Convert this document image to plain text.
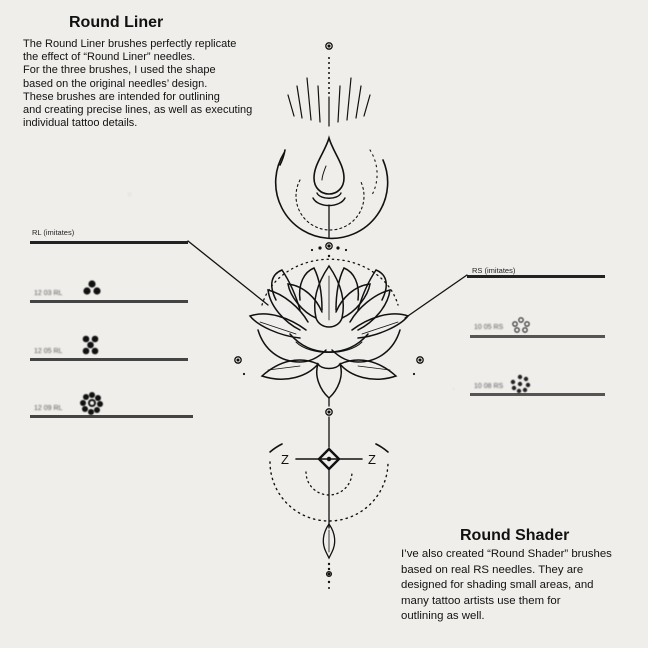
Round Liner
The Round Liner brushes perfectly replicate
the effect of “Round Liner” needles.
For the three brushes, I used the shape
based on the original needles’ design.
These brushes are intended for outlining
and creating precise lines, as well as executing
individual tattoo details.
Round Shader
I’ve also created “Round Shader” brushes
based on real RS needles. They are
designed for shading small areas, and
many tattoo artists use them for
outlining as well.
RL (imitates)
12 03 RL
12 05 RL
12 09 RL
RS (imitates)
10 05 RS
10 08 RS
Z	Z
